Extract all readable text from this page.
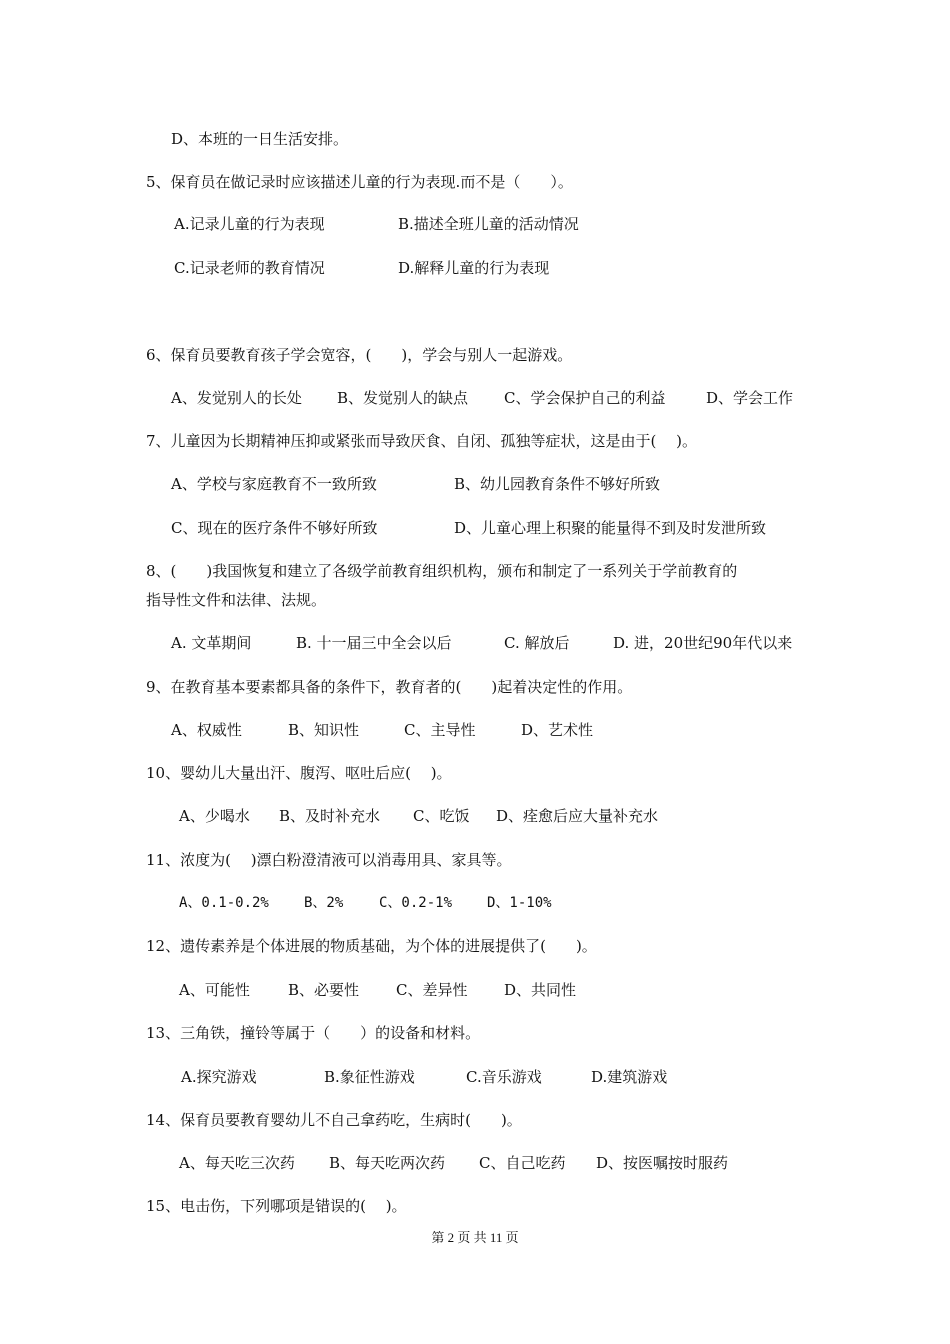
D、本班的一日生活安排。
5、保育员在做记录时应该描述儿童的行为表现.而不是（　　）。
A.记录儿童的行为表现	B.描述全班儿童的活动情况
C.记录老师的教育情况	D.解释儿童的行为表现
6、保育员要教育孩子学会宽容，(　　)，学会与别人一起游戏。
A、发觉别人的长处 B、发觉别人的缺点 C、学会保护自己的利益	D、学会工作
7、儿童因为长期精神压抑或紧张而导致厌食、自闭、孤独等症状，这是由于(　 )。
A、学校与家庭教育不一致所致	B、幼儿园教育条件不够好所致
C、现在的医疗条件不够好所致	D、儿童心理上积聚的能量得不到及时发泄所致
8、(　　)我国恢复和建立了各级学前教育组织机构，颁布和制定了一系列关于学前教育的
指导性文件和法律、法规。
A. 文革期间	B. 十一届三中全会以后	C. 解放后	D. 进，20世纪90年代以来
9、在教育基本要素都具备的条件下，教育者的(　　)起着决定性的作用。
A、权威性	B、知识性	C、主导性	D、艺术性
10、婴幼儿大量出汗、腹泻、呕吐后应(　 )。
A、少喝水 B、及时补充水 C、吃饭 D、痊愈后应大量补充水
11、浓度为(　 )漂白粉澄清液可以消毒用具、家具等。
A、0.1-0.2%	B、2%	C、0.2-1% D、1-10%
12、遗传素养是个体进展的物质基础，为个体的进展提供了(　　)。
A、可能性	B、必要性 C、差异性 D、共同性
13、三角铁，撞铃等属于（　　）的设备和材料。
A.探究游戏	B.象征性游戏	C.音乐游戏	D.建筑游戏
14、保育员要教育婴幼儿不自己拿药吃，生病时(　　)。
A、每天吃三次药 B、每天吃两次药 C、自己吃药 D、按医嘱按时服药
15、电击伤，下列哪项是错误的(　 )。
第 2 页 共 11 页
